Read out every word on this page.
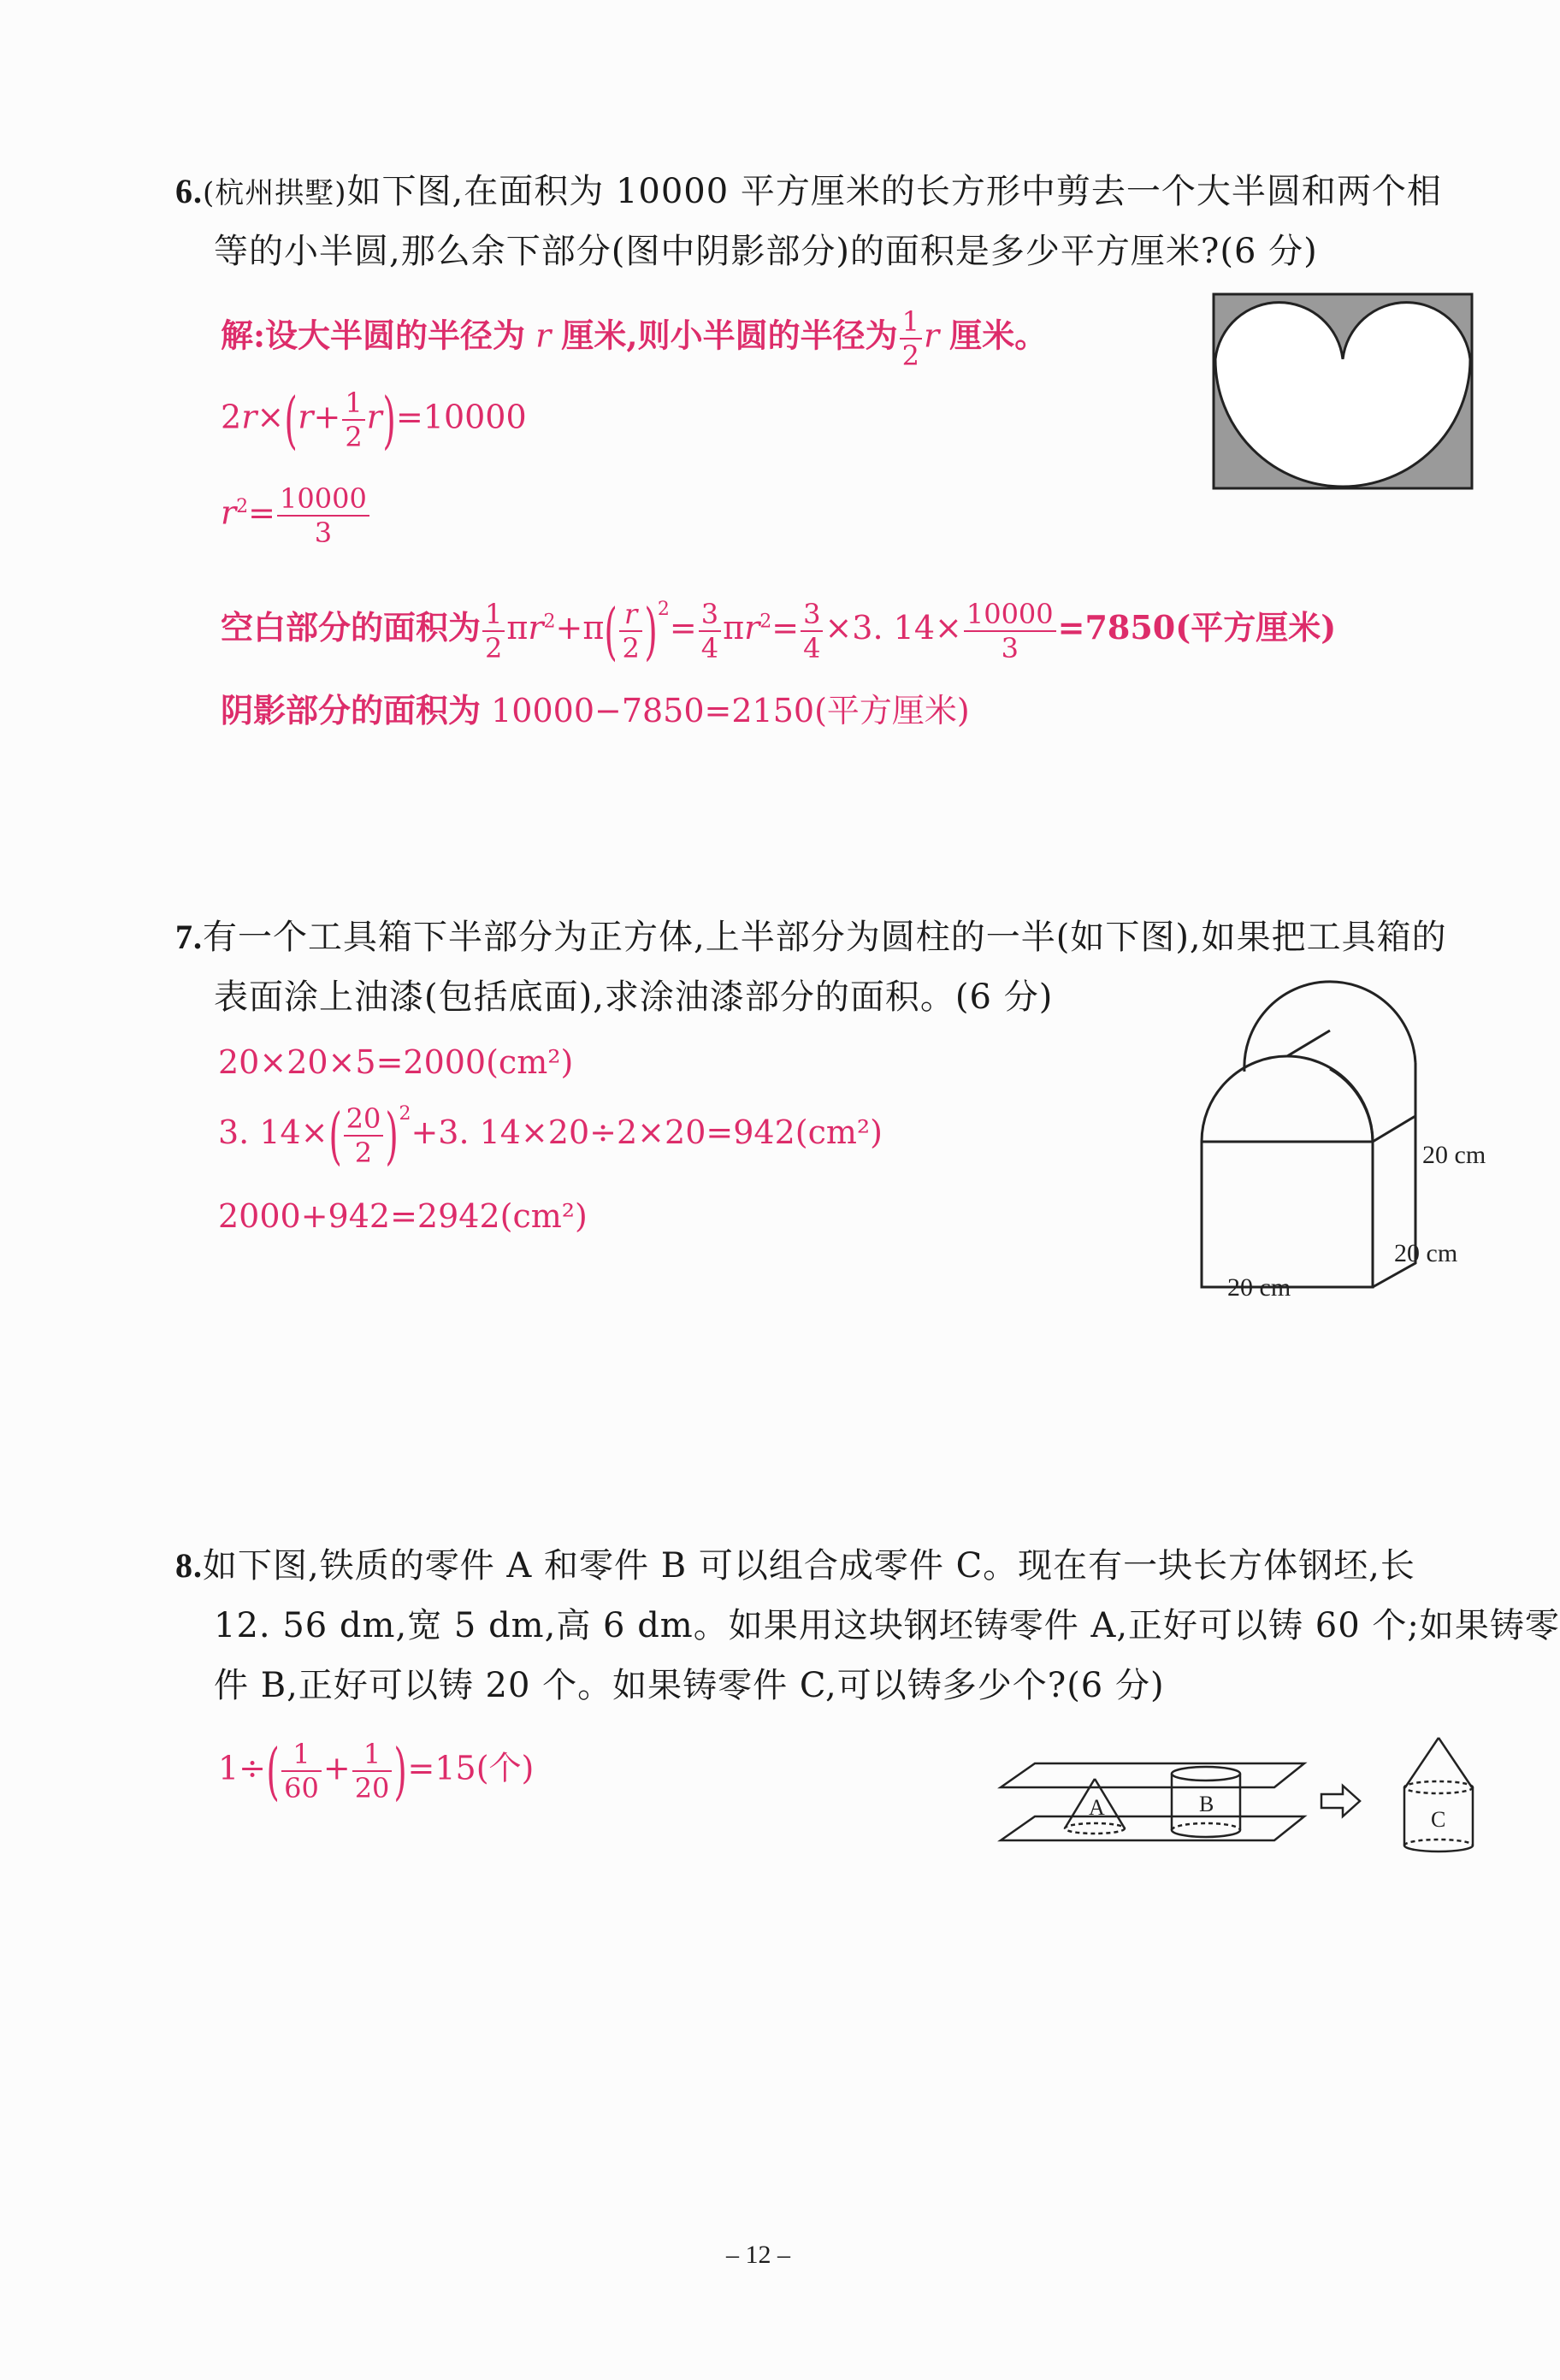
6.(杭州拱墅)如下图,在面积为 10000 平方厘米的长方形中剪去一个大半圆和两个相
等的小半圆,那么余下部分(图中阴影部分)的面积是多少平方厘米?(6 分)
解:设大半圆的半径为 r 厘米,则小半圆的半径为 $\frac{1}{2}$ r 厘米。
$2r\times(r+ \frac{1}{2} r)=10000$
$r^2= \frac{10000}{3}$
空白部分的面积为 $\frac{1}{2} \pi r^2+\pi( \frac{r}{2} )^2= \frac{3}{4} \pi r^2= \frac{3}{4} \times 3$. $14\times \frac{10000}{3} =7850$(平方厘米)
阴影部分的面积为 10000−7850=2150(平方厘米)
7.有一个工具箱下半部分为正方体,上半部分为圆柱的一半(如下图),如果把工具箱的
表面涂上油漆(包括底面),求涂油漆部分的面积。(6 分)
20×20×5=2000(cm²)
3. $14\times( \frac{20}{2} )^2+3$. 14×20÷2×20=942(cm²)
2000+942=2942(cm²)
20 cm
20 cm
20 cm
8.如下图,铁质的零件 A 和零件 B 可以组合成零件 C。现在有一块长方体钢坯,长
12. 56 dm,宽 5 dm,高 6 dm。如果用这块钢坯铸零件 A,正好可以铸 60 个;如果铸零
件 B,正好可以铸 20 个。如果铸零件 C,可以铸多少个?(6 分)
$1\div( \frac{1}{60} + \frac{1}{20} )=15$(个)
A	B
C
– 12 –
